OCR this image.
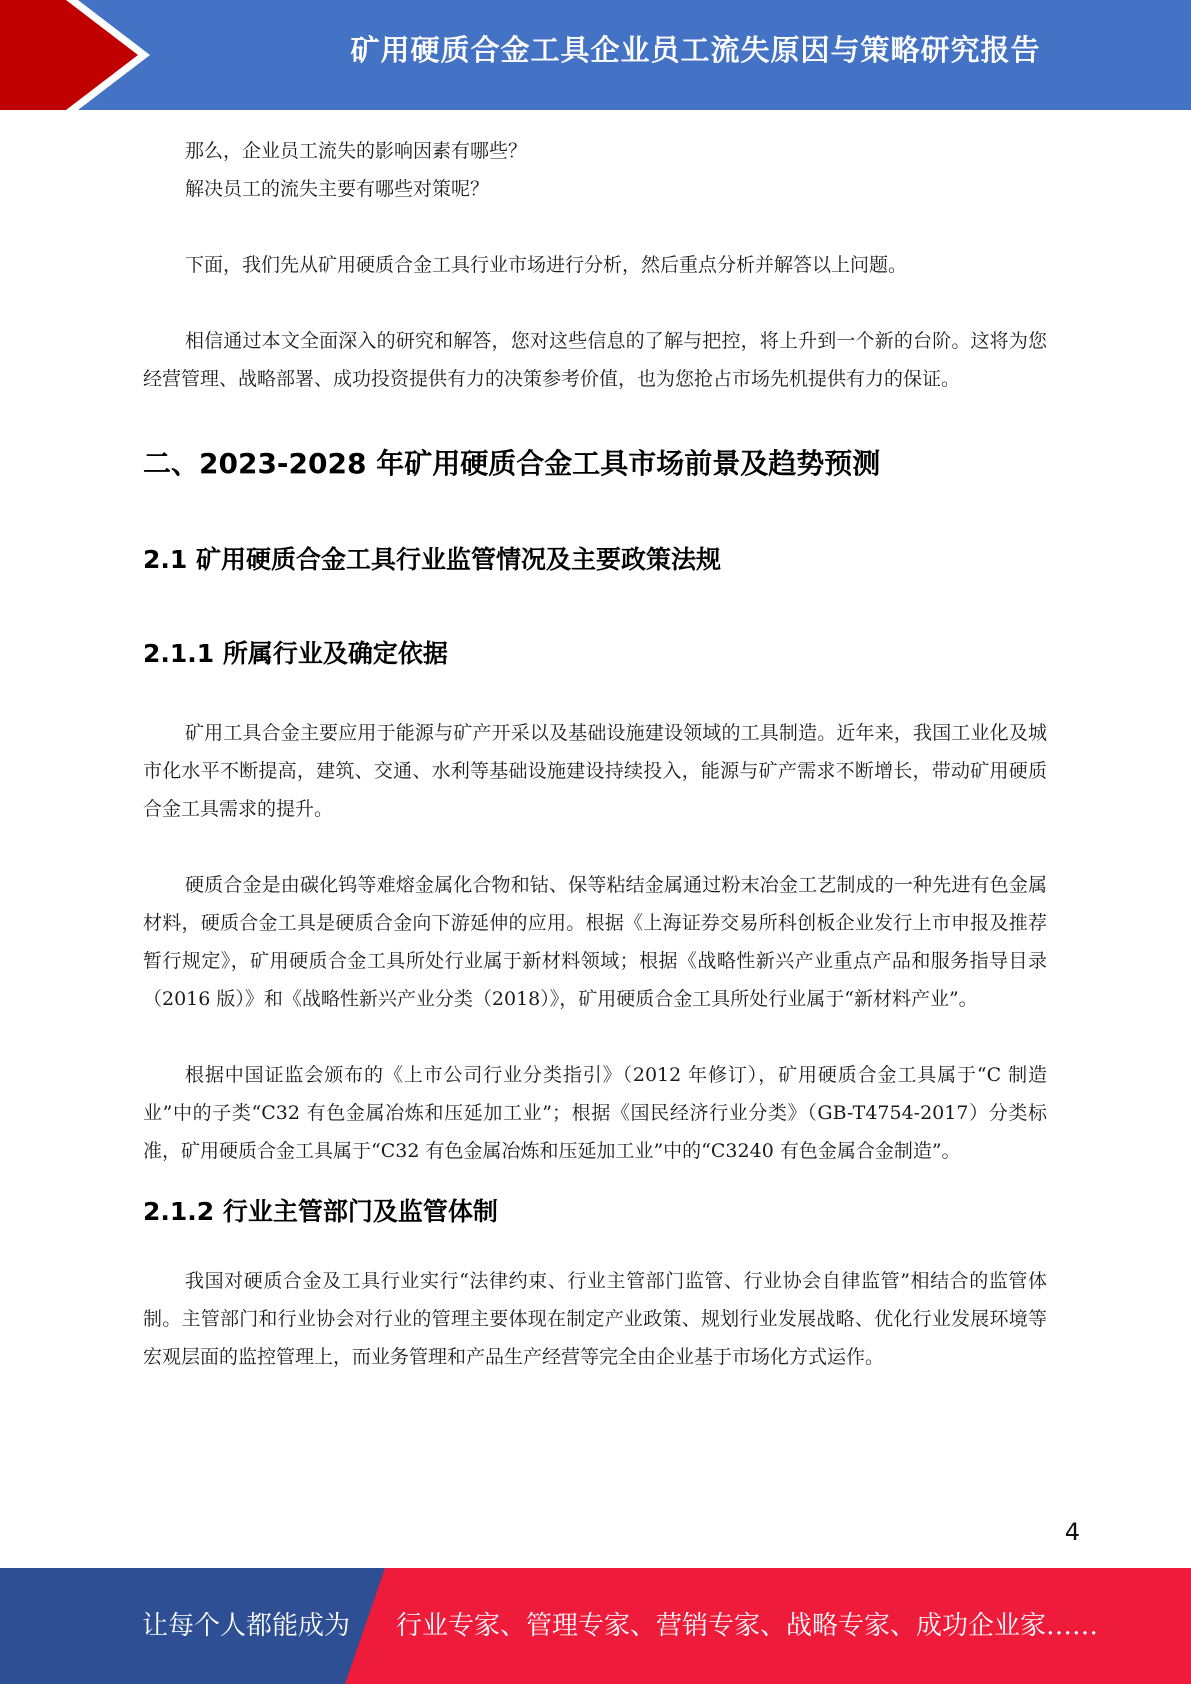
矿用硬质合金工具企业员工流失原因与策略研究报告

那么，企业员工流失的影响因素有哪些？

解决员工的流失主要有哪些对策呢？

下面，我们先从矿用硬质合金工具行业市场进行分析，然后重点分析并解答以上问题。

相信通过本文全面深入的研究和解答，您对这些信息的了解与把控，将上升到一个新的台阶。这将为您经营管理、战略部署、成功投资提供有力的决策参考价值，也为您抢占市场先机提供有力的保证。

二、2023-2028 年矿用硬质合金工具市场前景及趋势预测
2.1 矿用硬质合金工具行业监管情况及主要政策法规
2.1.1 所属行业及确定依据

矿用工具合金主要应用于能源与矿产开采以及基础设施建设领域的工具制造。近年来，我国工业化及城市化水平不断提高，建筑、交通、水利等基础设施建设持续投入，能源与矿产需求不断增长，带动矿用硬质合金工具需求的提升。

硬质合金是由碳化钨等难熔金属化合物和钴、保等粘结金属通过粉末冶金工艺制成的一种先进有色金属材料，硬质合金工具是硬质合金向下游延伸的应用。根据《上海证券交易所科创板企业发行上市申报及推荐暂行规定》，矿用硬质合金工具所处行业属于新材料领域；根据《战略性新兴产业重点产品和服务指导目录（2016 版）》和《战略性新兴产业分类（2018）》，矿用硬质合金工具所处行业属于“新材料产业”。

根据中国证监会颁布的《上市公司行业分类指引》（2012 年修订），矿用硬质合金工具属于“C 制造业”中的子类“C32 有色金属冶炼和压延加工业”；根据《国民经济行业分类》（GB-T4754-2017）分类标准，矿用硬质合金工具属于“C32 有色金属冶炼和压延加工业”中的“C3240 有色金属合金制造”。

2.1.2 行业主管部门及监管体制

我国对硬质合金及工具行业实行“法律约束、行业主管部门监管、行业协会自律监管”相结合的监管体制。主管部门和行业协会对行业的管理主要体现在制定产业政策、规划行业发展战略、优化行业发展环境等宏观层面的监控管理上，而业务管理和产品生产经营等完全由企业基于市场化方式运作。

4
让每个人都能成为 行业专家、管理专家、营销专家、战略专家、成功企业家……
